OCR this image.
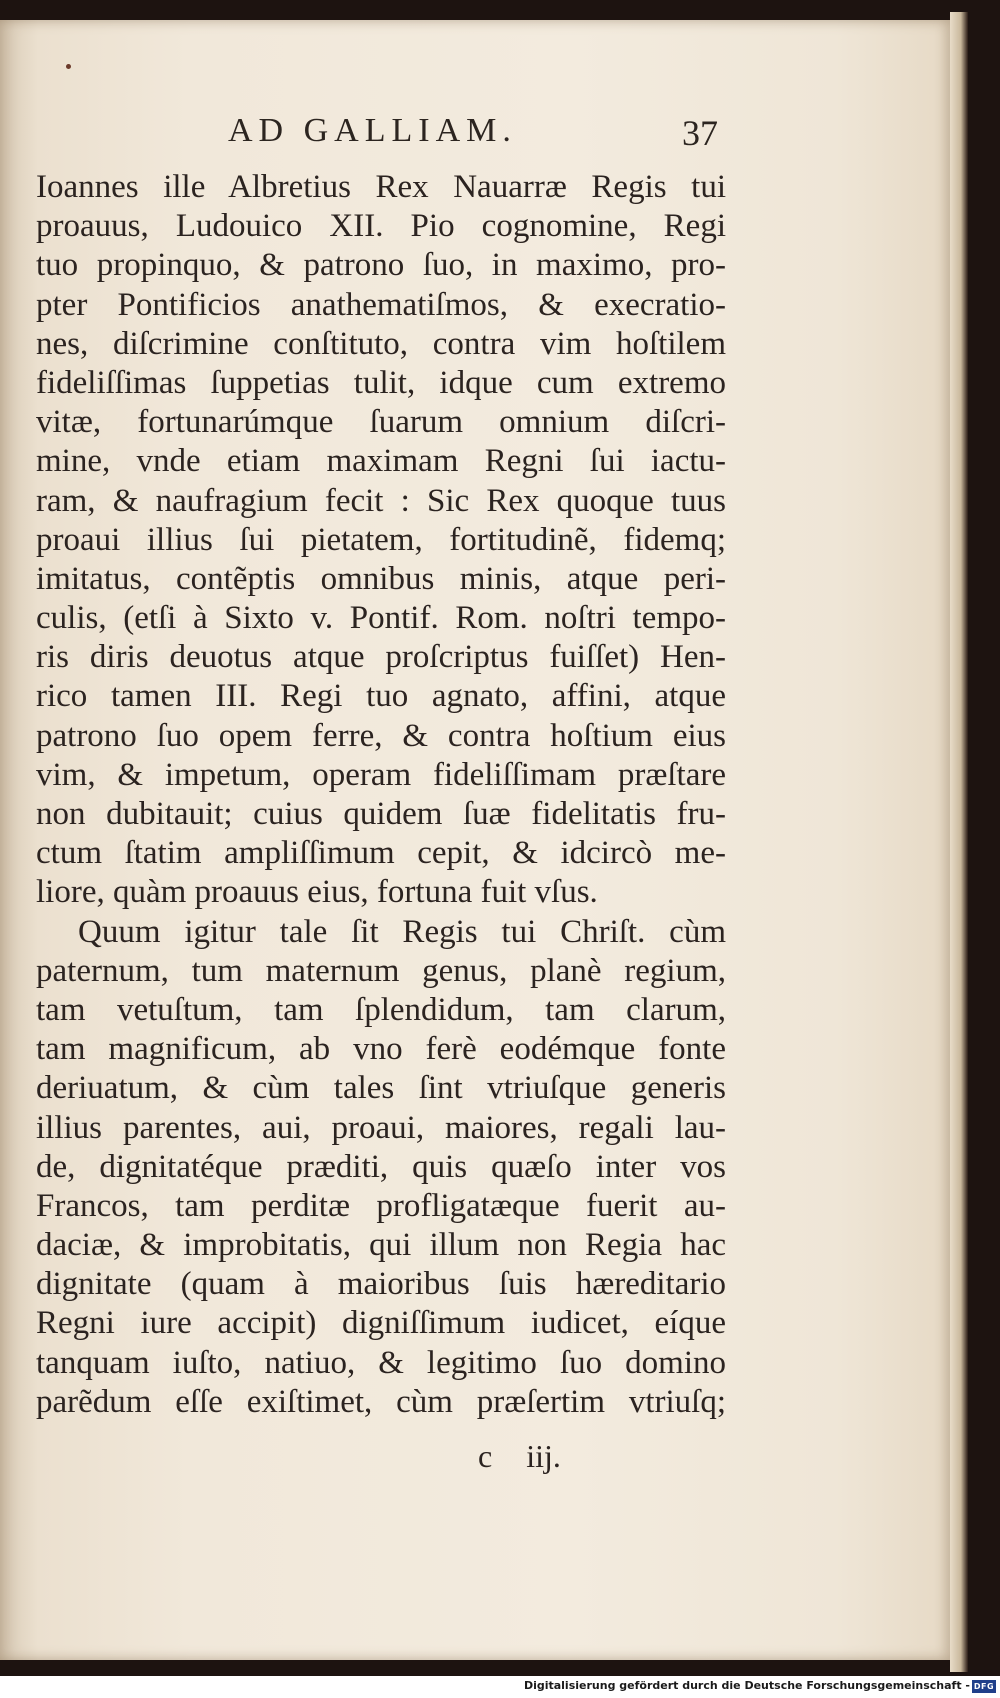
AD GALLIAM.	37
Ioannes ille Albretius Rex Nauarræ Regis tui
proauus, Ludouico XII. Pio cognomine, Regi
tuo propinquo, & patrono ſuo, in maximo, pro-
pter Pontificios anathematiſmos, & execratio-
nes, diſcrimine conſtituto, contra vim hoſtilem
fideliſſimas ſuppetias tulit, idque cum extremo
vitæ, fortunarúmque ſuarum omnium diſcri-
mine, vnde etiam maximam Regni ſui iactu-
ram, & naufragium fecit : Sic Rex quoque tuus
proaui illius ſui pietatem, fortitudinẽ, fidemq;
imitatus, contẽptis omnibus minis, atque peri-
culis, (etſi à Sixto v. Pontif. Rom. noſtri tempo-
ris diris deuotus atque proſcriptus fuiſſet) Hen-
rico tamen III. Regi tuo agnato, affini, atque
patrono ſuo opem ferre, & contra hoſtium eius
vim, & impetum, operam fideliſſimam præſtare
non dubitauit; cuius quidem ſuæ fidelitatis fru-
ctum ſtatim ampliſſimum cepit, & idcircò me-
liore, quàm proauus eius, fortuna fuit vſus.
Quum igitur tale ſit Regis tui Chriſt. cùm
paternum, tum maternum genus, planè regium,
tam vetuſtum, tam ſplendidum, tam clarum,
tam magnificum, ab vno ferè eodémque fonte
deriuatum, & cùm tales ſint vtriuſque generis
illius parentes, aui, proaui, maiores, regali lau-
de, dignitatéque præditi, quis quæſo inter vos
Francos, tam perditæ profligatæque fuerit au-
daciæ, & improbitatis, qui illum non Regia hac
dignitate (quam à maioribus ſuis hæreditario
Regni iure accipit) digniſſimum iudicet, eíque
tanquam iuſto, natiuo, & legitimo ſuo domino
parẽdum eſſe exiſtimet, cùm præſertim vtriuſq;
c iij.
Digitalisierung gefördert durch die Deutsche Forschungsgemeinschaft - DFG
